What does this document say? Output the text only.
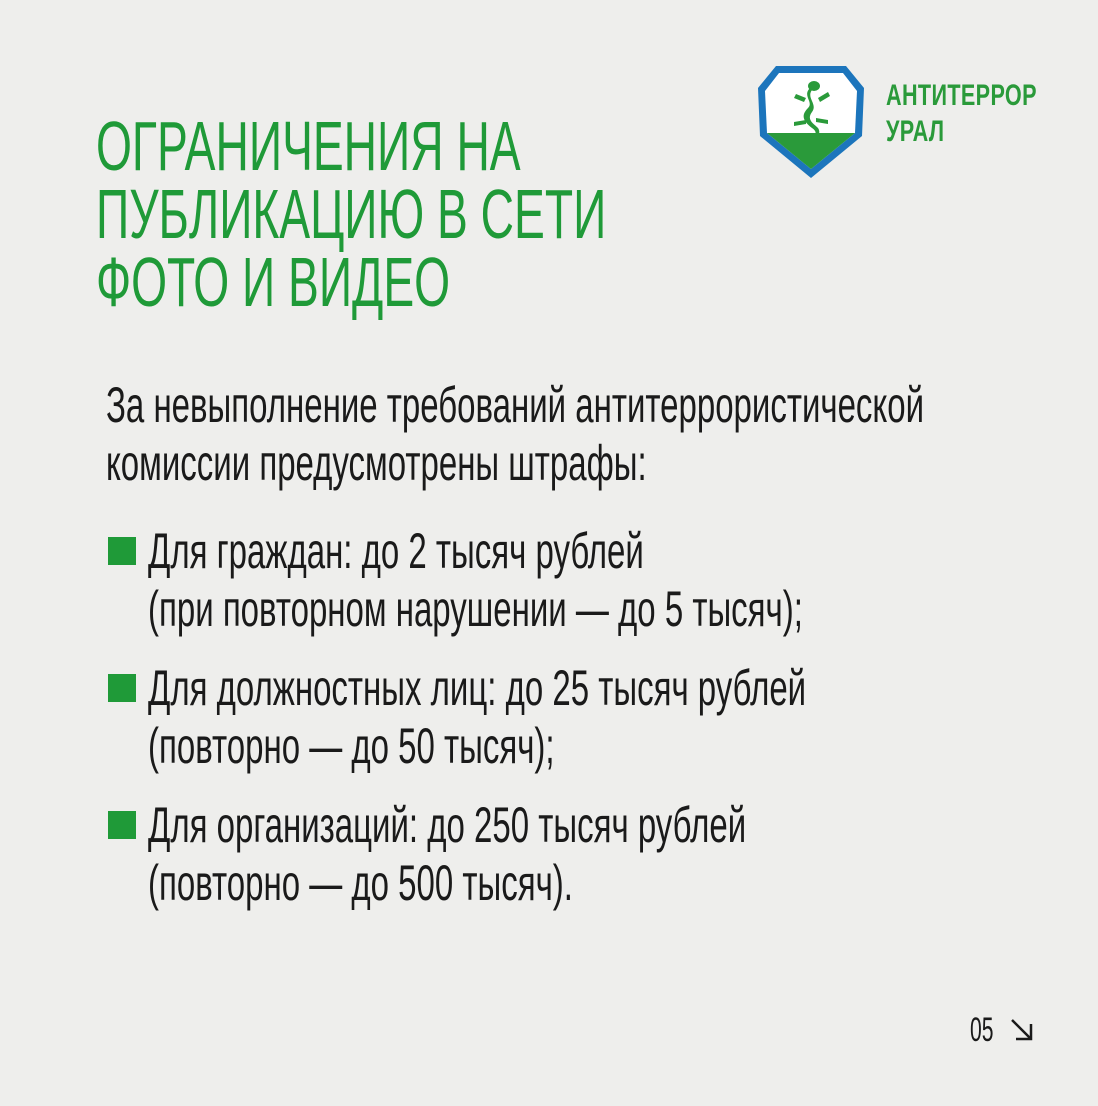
АНТИТЕРРОР
УРАЛ
ОГРАНИЧЕНИЯ НА
ПУБЛИКАЦИЮ В СЕТИ
ФОТО И ВИДЕО
За невыполнение требований антитеррористической
комиссии предусмотрены штрафы:
Для граждан: до 2 тысяч рублей
(при повторном нарушении — до 5 тысяч);
Для должностных лиц: до 25 тысяч рублей
(повторно — до 50 тысяч);
Для организаций: до 250 тысяч рублей
(повторно — до 500 тысяч).
05
